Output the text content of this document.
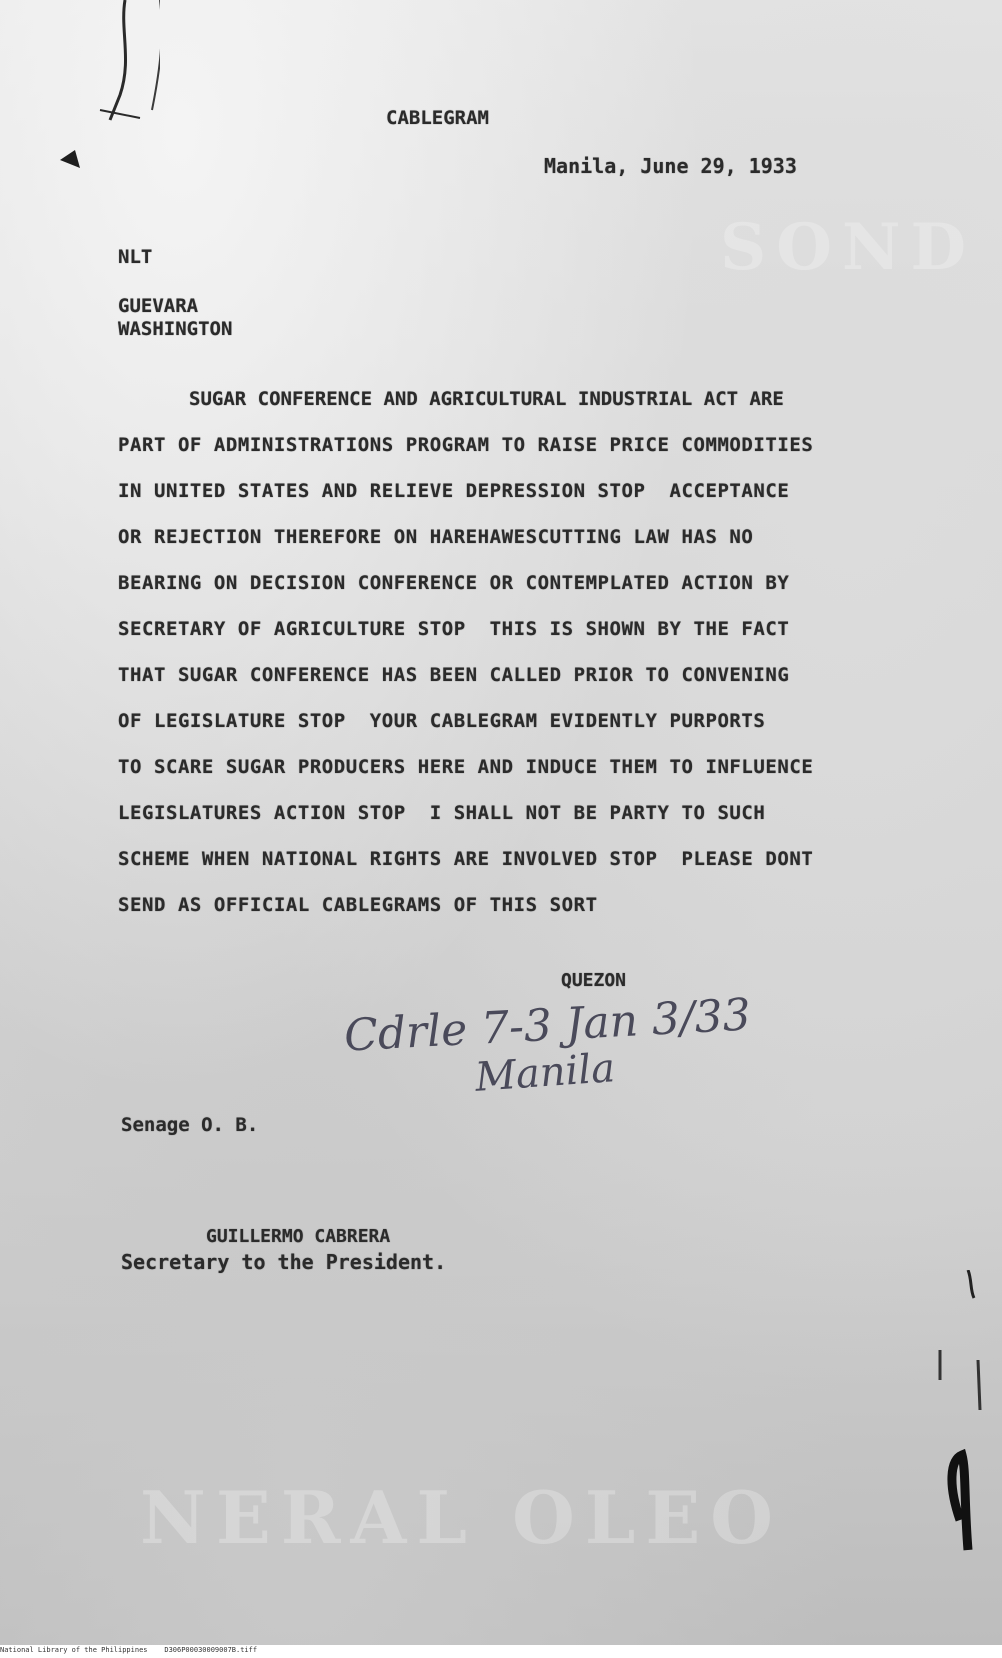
SOND
NERAL OLEO
CABLEGRAM
Manila, June 29, 1933
NLT
GUEVARA
WASHINGTON
SUGAR CONFERENCE AND AGRICULTURAL INDUSTRIAL ACT ARE
PART OF ADMINISTRATIONS PROGRAM TO RAISE PRICE COMMODITIES
IN UNITED STATES AND RELIEVE DEPRESSION STOP  ACCEPTANCE
OR REJECTION THEREFORE ON HAREHAWESCUTTING LAW HAS NO
BEARING ON DECISION CONFERENCE OR CONTEMPLATED ACTION BY
SECRETARY OF AGRICULTURE STOP  THIS IS SHOWN BY THE FACT
THAT SUGAR CONFERENCE HAS BEEN CALLED PRIOR TO CONVENING
OF LEGISLATURE STOP  YOUR CABLEGRAM EVIDENTLY PURPORTS
TO SCARE SUGAR PRODUCERS HERE AND INDUCE THEM TO INFLUENCE
LEGISLATURES ACTION STOP  I SHALL NOT BE PARTY TO SUCH
SCHEME WHEN NATIONAL RIGHTS ARE INVOLVED STOP  PLEASE DONT
SEND AS OFFICIAL CABLEGRAMS OF THIS SORT
QUEZON
Cdrle 7-3 Jan 3/33
Manila
Senage O. B.
GUILLERMO CABRERA
Secretary to the President.
National Library of the Philippines    D306P00030009007B.tiff
